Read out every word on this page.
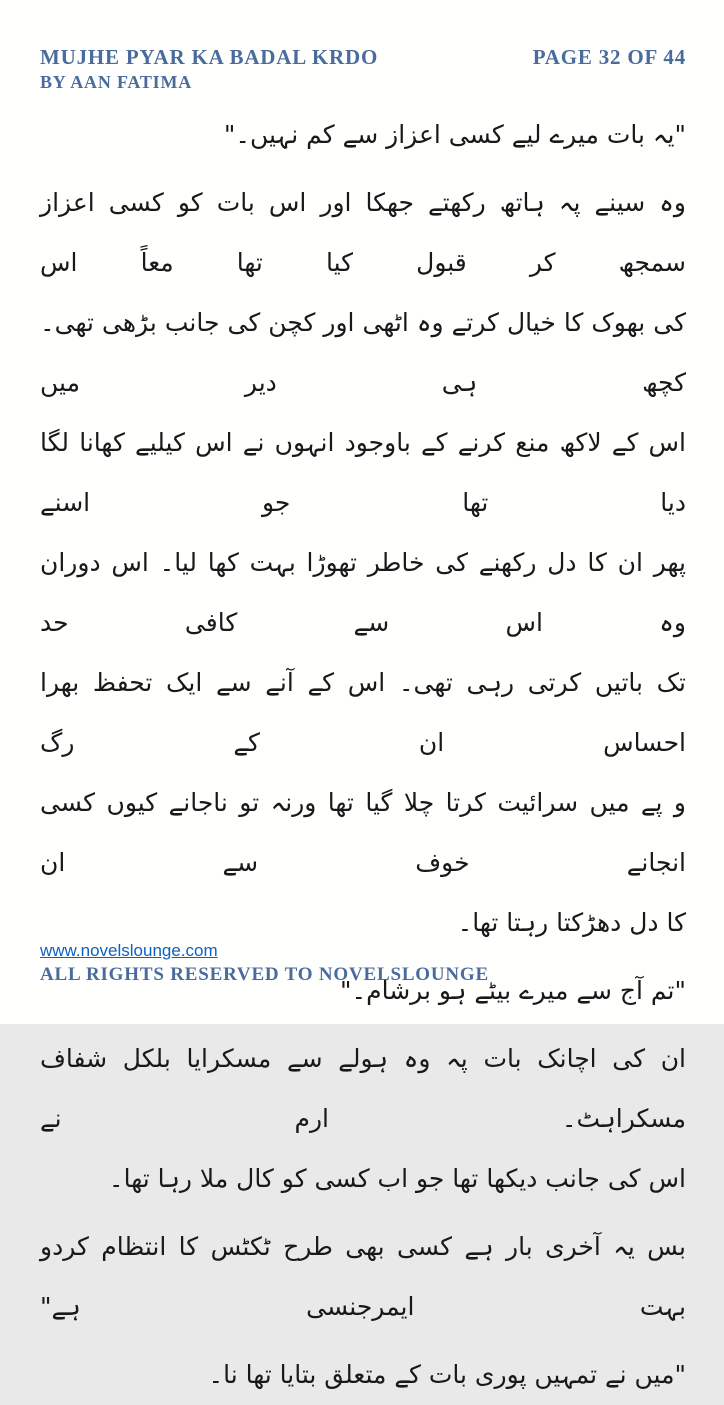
MUJHE PYAR KA BADAL KRDO	PAGE 32 OF 44
BY AAN FATIMA
"یہ بات میرے لیے کسی اعزاز سے کم نہیں۔"
وہ سینے پہ ہاتھ رکھتے جھکا اور اس بات کو کسی اعزاز سمجھ کر قبول کیا تھا معاً اس
کی بھوک کا خیال کرتے وہ اٹھی اور کچن کی جانب بڑھی تھی۔ کچھ ہی دیر میں
اس کے لاکھ منع کرنے کے باوجود انہوں نے اس کیلیے کھانا لگا دیا تھا جو اسنے
پھر ان کا دل رکھنے کی خاطر تھوڑا بہت کھا لیا۔ اس دوران وہ اس سے کافی حد
تک باتیں کرتی رہی تھی۔ اس کے آنے سے ایک تحفظ بھرا احساس ان کے رگ
و پے میں سرائیت کرتا چلا گیا تھا ورنہ تو ناجانے کیوں کسی انجانے خوف سے ان
کا دل دھڑکتا رہتا تھا۔
"تم آج سے میرے بیٹے ہو برشام۔"
ان کی اچانک بات پہ وہ ہولے سے مسکرایا بلکل شفاف مسکراہٹ۔ ارم نے
اس کی جانب دیکھا تھا جو اب کسی کو کال ملا رہا تھا۔
بس یہ آخری بار ہے کسی بھی طرح ٹکٹس کا انتظام کردو بہت ایمرجنسی ہے"
"میں نے تمہیں پوری بات کے متعلق بتایا تھا نا۔
www.novelslounge.com
ALL RIGHTS RESERVED TO NOVELSLOUNGE
